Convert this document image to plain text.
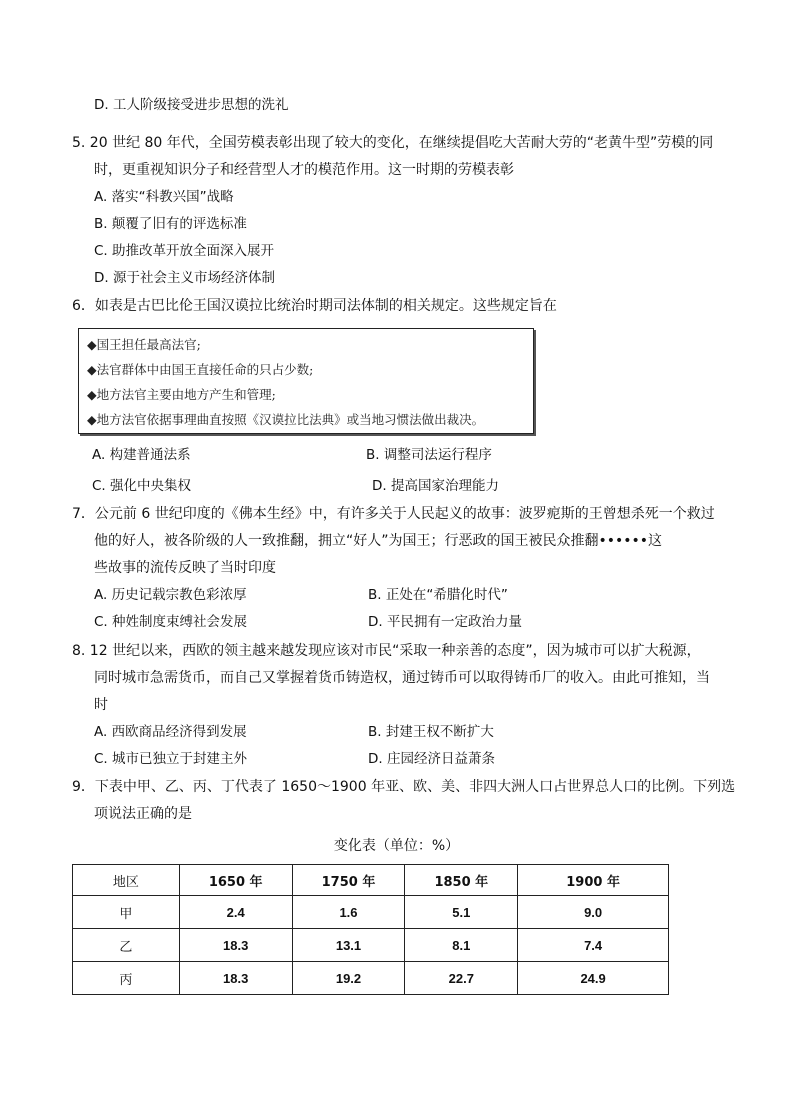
D. 工人阶级接受进步思想的洗礼
5. 20 世纪 80 年代，全国劳模表彰出现了较大的变化，在继续提倡吃大苦耐大劳的“老黄牛型”劳模的同
时，更重视知识分子和经营型人才的模范作用。这一时期的劳模表彰
A. 落实“科教兴国”战略
B. 颠覆了旧有的评选标准
C. 助推改革开放全面深入展开
D. 源于社会主义市场经济体制
6．如表是古巴比伦王国汉谟拉比统治时期司法体制的相关规定。这些规定旨在
◆国王担任最高法官;
◆法官群体中由国王直接任命的只占少数;
◆地方法官主要由地方产生和管理;
◆地方法官依据事理曲直按照《汉谟拉比法典》或当地习惯法做出裁决。
A. 构建普通法系	B. 调整司法运行程序
C. 强化中央集权	D. 提高国家治理能力
7．公元前 6 世纪印度的《佛本生经》中，有许多关于人民起义的故事：波罗痆斯的王曾想杀死一个救过
他的好人，被各阶级的人一致推翻，拥立“好人”为国王；行恶政的国王被民众推翻••••••这
些故事的流传反映了当时印度
A. 历史记载宗教色彩浓厚	B. 正处在“希腊化时代”
C. 种姓制度束缚社会发展	D. 平民拥有一定政治力量
8. 12 世纪以来，西欧的领主越来越发现应该对市民“采取一种亲善的态度”，因为城市可以扩大税源，
同时城市急需货币，而自己又掌握着货币铸造权，通过铸币可以取得铸币厂的收入。由此可推知，当
时
A. 西欧商品经济得到发展	B. 封建王权不断扩大
C. 城市已独立于封建主外	D. 庄园经济日益萧条
9．下表中甲、乙、丙、丁代表了 1650～1900 年亚、欧、美、非四大洲人口占世界总人口的比例。下列选
项说法正确的是
变化表（单位：%）
地区	1650 年	1750 年	1850 年	1900 年
甲	2.4	1.6	5.1	9.0
乙	18.3	13.1	8.1	7.4
丙	18.3	19.2	22.7	24.9
